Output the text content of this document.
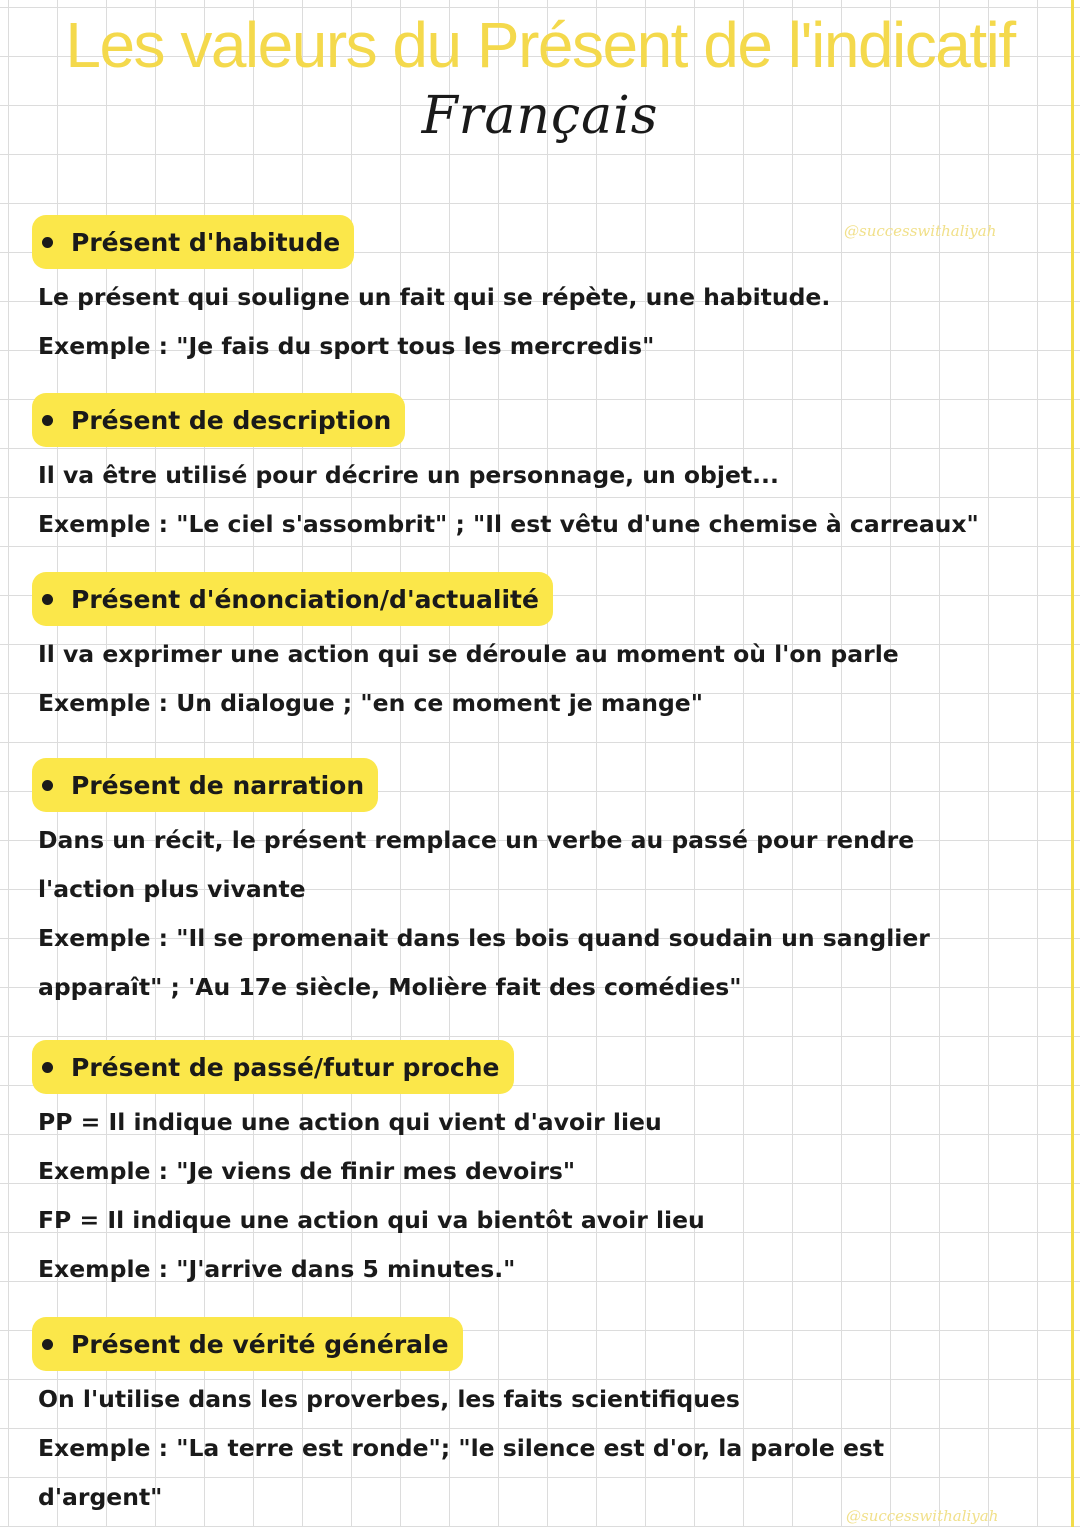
Les valeurs du Présent de l'indicatif
Français
@successwithaliyah
Présent d'habitude
Le présent qui souligne un fait qui se répète, une habitude.
Exemple : "Je fais du sport tous les mercredis"
Présent de description
Il va être utilisé pour décrire un personnage, un objet...
Exemple : "Le ciel s'assombrit" ; "Il est vêtu d'une chemise à carreaux"
Présent d'énonciation/d'actualité
Il va exprimer une action qui se déroule au moment où l'on parle
Exemple : Un dialogue ; "en ce moment je mange"
Présent de narration
Dans un récit, le présent remplace un verbe au passé pour rendre
l'action plus vivante
Exemple : "Il se promenait dans les bois quand soudain un sanglier
apparaît" ; 'Au 17e siècle, Molière fait des comédies"
Présent de passé/futur proche
PP = Il indique une action qui vient d'avoir lieu
Exemple : "Je viens de finir mes devoirs"
FP = Il indique une action qui va bientôt avoir lieu
Exemple : "J'arrive dans 5 minutes."
Présent de vérité générale
On l'utilise dans les proverbes, les faits scientifiques
Exemple : "La terre est ronde"; "le silence est d'or, la parole est
d'argent"
@successwithaliyah
